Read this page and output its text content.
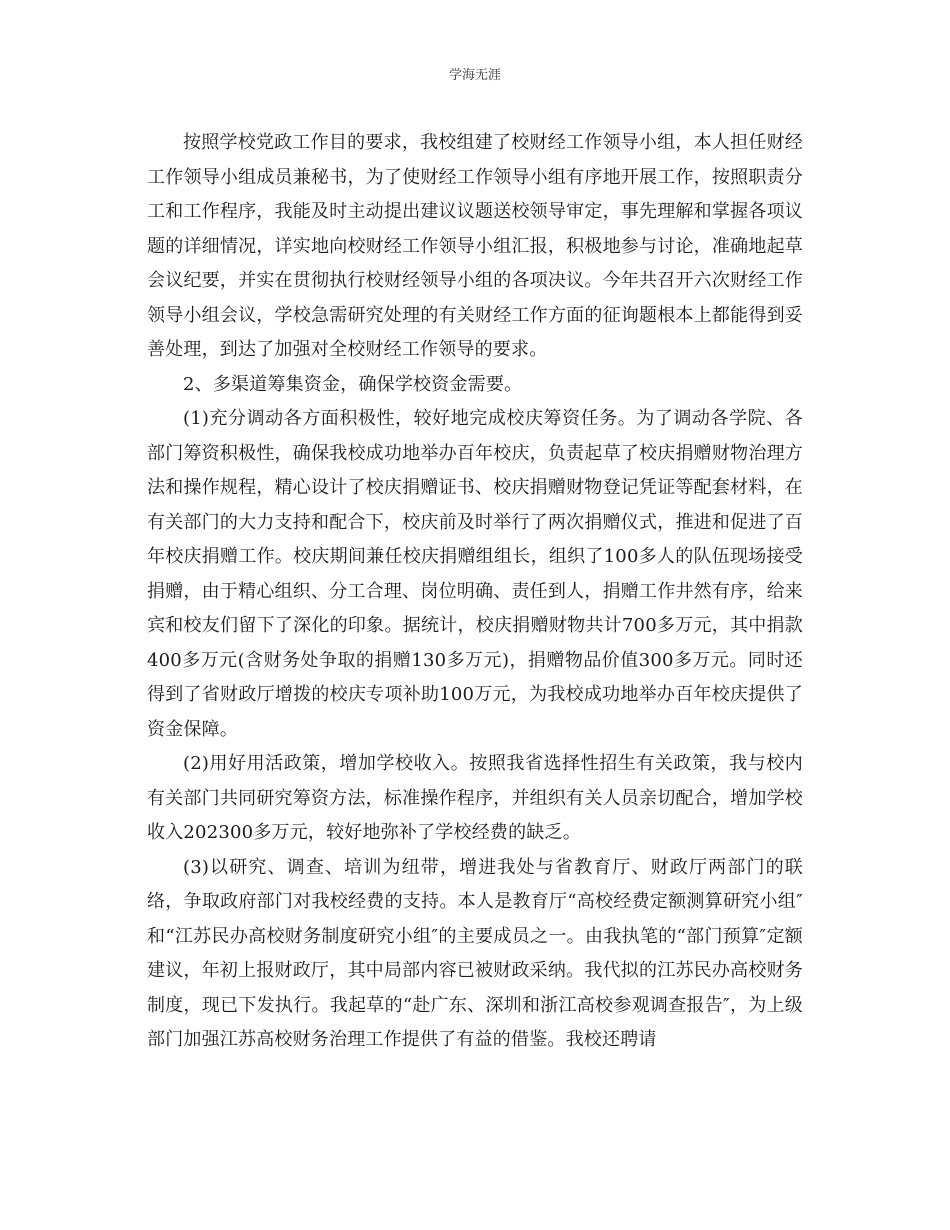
学海无涯

按照学校党政工作目的要求，我校组建了校财经工作领导小组，本人担任财经工作领导小组成员兼秘书，为了使财经工作领导小组有序地开展工作，按照职责分工和工作程序，我能及时主动提出建议议题送校领导审定，事先理解和掌握各项议题的详细情况，详实地向校财经工作领导小组汇报，积极地参与讨论，准确地起草会议纪要，并实在贯彻执行校财经领导小组的各项决议。今年共召开六次财经工作领导小组会议，学校急需研究处理的有关财经工作方面的征询题根本上都能得到妥善处理，到达了加强对全校财经工作领导的要求。

2、多渠道筹集资金，确保学校资金需要。

(1)充分调动各方面积极性，较好地完成校庆筹资任务。为了调动各学院、各部门筹资积极性，确保我校成功地举办百年校庆，负责起草了校庆捐赠财物治理方法和操作规程，精心设计了校庆捐赠证书、校庆捐赠财物登记凭证等配套材料，在有关部门的大力支持和配合下，校庆前及时举行了两次捐赠仪式，推进和促进了百年校庆捐赠工作。校庆期间兼任校庆捐赠组组长，组织了100多人的队伍现场接受捐赠，由于精心组织、分工合理、岗位明确、责任到人，捐赠工作井然有序，给来宾和校友们留下了深化的印象。据统计，校庆捐赠财物共计700多万元，其中捐款400多万元(含财务处争取的捐赠130多万元)，捐赠物品价值300多万元。同时还得到了省财政厅增拨的校庆专项补助100万元，为我校成功地举办百年校庆提供了资金保障。

(2)用好用活政策，增加学校收入。按照我省选择性招生有关政策，我与校内有关部门共同研究筹资方法，标准操作程序，并组织有关人员亲切配合，增加学校收入202300多万元，较好地弥补了学校经费的缺乏。

(3)以研究、调查、培训为纽带，增进我处与省教育厅、财政厅两部门的联络，争取政府部门对我校经费的支持。本人是教育厅“高校经费定额测算研究小组″和“江苏民办高校财务制度研究小组″的主要成员之一。由我执笔的“部门预算″定额建议，年初上报财政厅，其中局部内容已被财政采纳。我代拟的江苏民办高校财务制度，现已下发执行。我起草的“赴广东、深圳和浙江高校参观调查报告″，为上级部门加强江苏高校财务治理工作提供了有益的借鉴。我校还聘请
